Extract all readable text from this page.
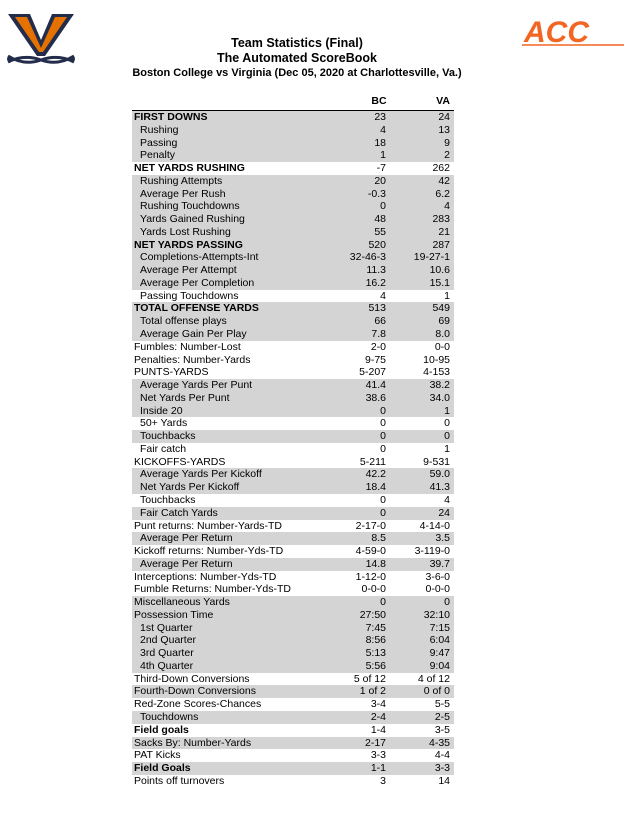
ACC
Team Statistics (Final)
The Automated ScoreBook
Boston College vs Virginia (Dec 05, 2020 at Charlottesville, Va.)
BC	VA
FIRST DOWNS	23	24
Rushing	4	13
Passing	18	9
Penalty	1	2
NET YARDS RUSHING	-7	262
Rushing Attempts	20	42
Average Per Rush	-0.3	6.2
Rushing Touchdowns	0	4
Yards Gained Rushing	48	283
Yards Lost Rushing	55	21
NET YARDS PASSING	520	287
Completions-Attempts-Int	32-46-3	19-27-1
Average Per Attempt	11.3	10.6
Average Per Completion	16.2	15.1
Passing Touchdowns	4	1
TOTAL OFFENSE YARDS	513	549
Total offense plays	66	69
Average Gain Per Play	7.8	8.0
Fumbles: Number-Lost	2-0	0-0
Penalties: Number-Yards	9-75	10-95
PUNTS-YARDS	5-207	4-153
Average Yards Per Punt	41.4	38.2
Net Yards Per Punt	38.6	34.0
Inside 20	0	1
50+ Yards	0	0
Touchbacks	0	0
Fair catch	0	1
KICKOFFS-YARDS	5-211	9-531
Average Yards Per Kickoff	42.2	59.0
Net Yards Per Kickoff	18.4	41.3
Touchbacks	0	4
Fair Catch Yards	0	24
Punt returns: Number-Yards-TD	2-17-0	4-14-0
Average Per Return	8.5	3.5
Kickoff returns: Number-Yds-TD	4-59-0	3-119-0
Average Per Return	14.8	39.7
Interceptions: Number-Yds-TD	1-12-0	3-6-0
Fumble Returns: Number-Yds-TD	0-0-0	0-0-0
Miscellaneous Yards	0	0
Possession Time	27:50	32:10
1st Quarter	7:45	7:15
2nd Quarter	8:56	6:04
3rd Quarter	5:13	9:47
4th Quarter	5:56	9:04
Third-Down Conversions	5 of 12	4 of 12
Fourth-Down Conversions	1 of 2	0 of 0
Red-Zone Scores-Chances	3-4	5-5
Touchdowns	2-4	2-5
Field goals	1-4	3-5
Sacks By: Number-Yards	2-17	4-35
PAT Kicks	3-3	4-4
Field Goals	1-1	3-3
Points off turnovers	3	14
